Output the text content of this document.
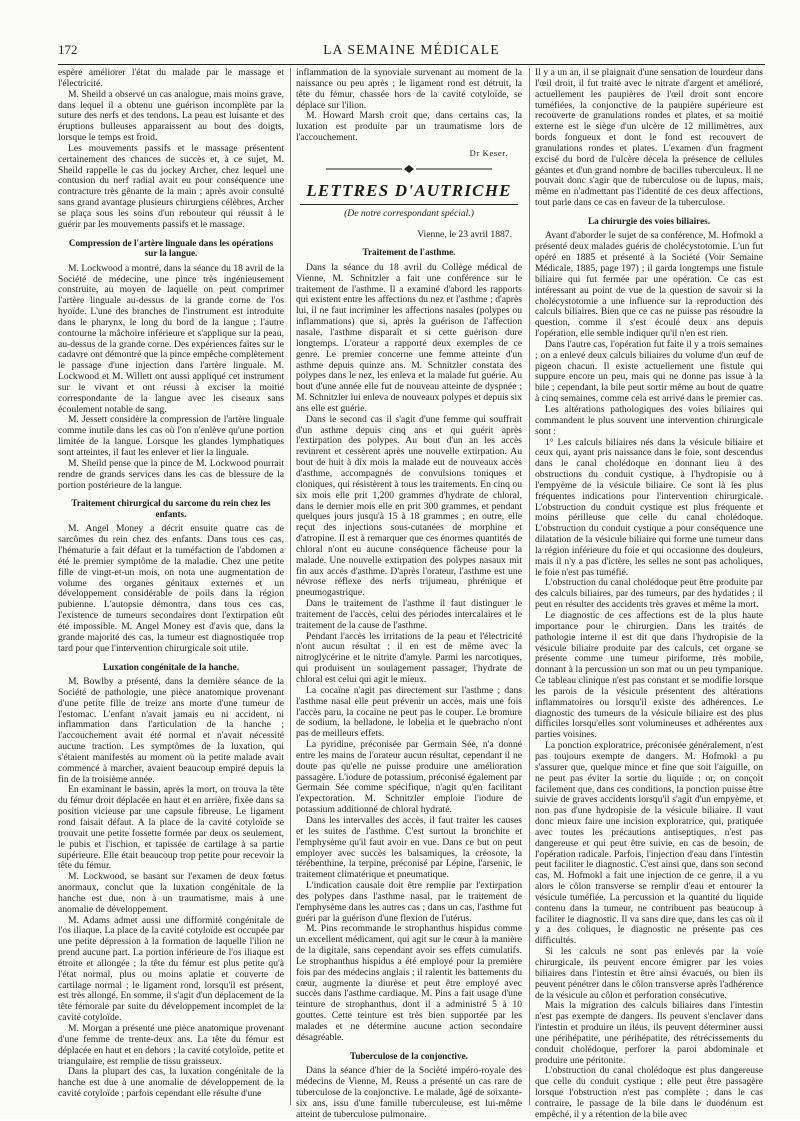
172	LA SEMAINE MÉDICALE

espère améliorer l'état du malade par le massage et l'électricité.

M. Sheild a observé un cas analogue, mais moins grave, dans lequel il a obtenu une guérison incomplète par la suture des nerfs et des tendons. La peau est luisante et des éruptions bulleuses apparaissent au bout des doigts, lorsque le temps est froid.

Les mouvements passifs et le massage présentent certainement des chances de succès et, à ce sujet, M. Sheild rappelle le cas du jockey Archer, chez lequel une contusion du nerf radial avait eu pour conséquence une contracture très gênante de la main ; après avoir consulté sans grand avantage plusieurs chirurgiens célèbres, Archer se plaça sous les soins d'un rebouteur qui réussit à le guérir par les mouvements passifs et le massage.

Compression de l'artère linguale dans les opérations sur la langue.

M. Lockwood a montré, dans la séance du 18 avril de la Société de médecine, une pince très ingénieusement construite, au moyen de laquelle on peut comprimer l'artère linguale au-dessus de la grande corne de l'os hyoïde. L'une des branches de l'instrument est introduite dans le pharynx, le long du bord de la langue ; l'autre contourne la mâchoire inférieure et s'applique sur la peau, au-dessus de la grande corne. Des expériences faites sur le cadavre ont démontré que la pince empêche complètement le passage d'une injection dans l'artère linguale. M. Lockwood et M. Willett ont aussi appliqué cet instrument sur le vivant et ont réussi à exciser la moitié correspondante de la langue avec les ciseaux sans écoulement notable de sang.

M. Jessett considère la compression de l'artère linguale comme inutile dans les cas où l'on n'enlève qu'une portion limitée de la langue. Lorsque les glandes lymphatiques sont atteintes, il faut les enlever et lier la linguale.

M. Sheild pense que la pince de M. Lockwood pourrait rendre de grands services dans les cas de blessure de la portion postérieure de la langue.

Traitement chirurgical du sarcome du rein chez les enfants.

M. Angel Money a décrit ensuite quatre cas de sarcômes du rein chez des enfants. Dans tous ces cas, l'hématurie a fait défaut et la tuméfaction de l'abdomen a été le premier symptôme de la maladie. Chez une petite fille de vingt-et-un mois, on nota une augmentation de volume des organes génitaux externes et un développement considérable de poils dans la région pubienne. L'autopsie démontra, dans tous ces cas, l'existence de tumeurs secondaires dont l'extirpation eût été impossible. M. Angel Money est d'avis que, dans la grande majorité des cas, la tumeur est diagnostiquée trop tard pour que l'intervention chirurgicale soit utile.

Luxation congénitale de la hanche.

M. Bowlby a présenté, dans la dernière séance de la Société de pathologie, une pièce anatomique provenant d'une petite fille de treize ans morte d'une tumeur de l'estomac. L'enfant n'avait jamais eu ni accident, ni inflammation dans l'articulation de la hanche ; l'accouchement avait été normal et n'avait nécessité aucune traction. Les symptômes de la luxation, qui s'étaient manifestés au moment où la petite malade avait commencé à marcher, avaient beaucoup empiré depuis la fin de la troisième année.

En examinant le bassin, après la mort, on trouva la tête du fémur droit déplacée en haut et en arrière, fixée dans sa position vicieuse par une capsule fibreuse. Le ligament rond faisait défaut. A la place de la cavité cotyloïde se trouvait une petite fossette formée par deux os seulement, le pubis et l'ischion, et tapissée de cartilage à sa partie supérieure. Elle était beaucoup trop petite pour recevoir la tête du fémur.

M. Lockwood, se basant sur l'examen de deux fœtus anormaux, conclut que la luxation congénitale de la hanche est due, non à un traumatisme, mais à une anomalie de développement.

M. Adams admet aussi une difformité congénitale de l'os iliaque. La place de la cavité cotyloïde est occupée par une petite dépression à la formation de laquelle l'ilion ne prend aucune part. La portion inférieure de l'os iliaque est étroite et allongée ; la tête du fémur est plus petite qu'à l'état normal, plus ou moins aplatie et couverte de cartilage normal ; le ligament rond, lorsqu'il est présent, est très allongé. En somme, il s'agit d'un déplacement de la tête fémorale par suite du développement incomplet de la cavité cotyloïde.

M. Morgan a présenté une pièce anatomique provenant d'une femme de trente-deux ans. La tête du fémur est déplacée en haut et en dehors ; la cavité cotyloïde, petite et triangulaire, est remplie de tissu graisseux.

Dans la plupart des cas, la luxation congénitale de la hanche est due à une anomalie de développement de la cavité cotyloïde ; parfois cependant elle résulte d'une

inflammation de la synoviale survenant au moment de la naissance ou peu après ; le ligament rond est détruit, la tête du fémur, chassée hors de la cavité cotyloïde, se déplace sur l'ilion.

M. Howard Marsh croit que, dans certains cas, la luxation est produite par un traumatisme lors de l'accouchement.

Dr Keser.
LETTRES D'AUTRICHE
(De notre correspondant spécial.)
Vienne, le 23 avril 1887.
Traitement de l'asthme.

Dans la séance du 18 avril du Collège médical de Vienne, M. Schnitzler a fait une conférence sur le traitement de l'asthme. Il a examiné d'abord les rapports qui existent entre les affections du nez et l'asthme ; d'après lui, il ne faut incriminer les affections nasales (polypes ou inflammations) que si, après la guérison de l'affection nasale, l'asthme disparaît et si cette guérison dure longtemps. L'orateur a rapporté deux exemples de ce genre. Le premier concerne une femme atteinte d'un asthme depuis quinze ans. M. Schnitzler constata des polypes dans le nez, les enleva et la malade fut guérie. Au bout d'une année elle fut de nouveau atteinte de dyspnée ; M. Schnitzler lui enleva de nouveaux polypes et depuis six ans elle est guérie.

Dans le second cas il s'agit d'une femme qui souffrait d'un asthme depuis cinq ans et qui guérit après l'extirpation des polypes. Au bout d'un an les accès revinrent et cessèrent après une nouvelle extirpation. Au bout de huit à dix mois la malade eut de nouveaux accès d'asthme, accompagnés de convulsions toniques et cloniques, qui résistèrent à tous les traitements. En cinq ou six mois elle prit 1,200 grammes d'hydrate de chloral, dans le dernier mois elle en prit 300 grammes, et pendant quelques jours jusqu'à 15 à 18 grammes ; en outre, elle reçut des injections sous-cutanées de morphine et d'atropine. Il est à remarquer que ces énormes quantités de chloral n'ont eu aucune conséquence fâcheuse pour la malade. Une nouvelle extirpation des polypes nasaux mit fin aux accès d'asthme. D'après l'orateur, l'asthme est une névrose réflexe des nerfs trijumeau, phrénique et pneumogastrique.

Dans le traitement de l'asthme il faut distinguer le traitement de l'accès, celui des périodes intercalaires et le traitement de la cause de l'asthme.

Pendant l'accès les irritations de la peau et l'électricité n'ont aucun résultat ; il en est de même avec la nitroglycérine et le nitrite d'amyle. Parmi les narcotiques, qui produisent un soulagement passager, l'hydrate de chloral est celui qui agit le mieux.

La cocaïne n'agit pas directement sur l'asthme ; dans l'asthme nasal elle peut prévenir un accès, mais une fois l'accès paru, la cocaïne ne peut pas le couper. Le bromure de sodium, la belladone, le lobelia et le quebracho n'ont pas de meilleurs effets.

La pyridine, préconisée par Germain Sée, n'a donné entre les mains de l'orateur aucun résultat, cependant il ne doute pas qu'elle ne puisse produire une amélioration passagère. L'iodure de potassium, préconisé également par Germain Sée comme spécifique, n'agit qu'en facilitant l'expectoration. M. Schnitzler emploie l'iodure de potassium additionné de chloral hydraté.

Dans les intervalles des accès, il faut traiter les causes et les suites de l'asthme. C'est surtout la bronchite et l'emphysème qu'il faut avoir en vue. Dans ce but on peut employer avec succès les balsamiques, la créosote, la térébenthine, la terpine, préconisé par Lépine, l'arsenic, le traitement climatérique et pneumatique.

L'indication causale doit être remplie par l'extirpation des polypes dans l'asthme nasal, par le traitement de l'emphysème dans les autres cas ; dans un cas, l'asthme fut guéri par la guérison d'une flexion de l'utérus.

M. Pins recommande le strophanthus hispidus comme un excellent médicament, qui agit sur le cœur à la manière de la digitale, sans cependant avoir ses effets cumulatifs. Le strophanthus hispidus a été employé pour la première fois par des médecins anglais ; il ralentit les battements du cœur, augmente la diurèse et peut être employé avec succès dans l'asthme cardiaque. M. Pins a fait usage d'une teinture de strophanthus, dont il a administré 5 à 10 gouttes. Cette teinture est très bien supportée par les malades et ne détermine aucune action secondaire désagréable.

Tuberculose de la conjonctive.

Dans la séance d'hier de la Société impéro-royale des médecins de Vienne, M. Reuss a présenté un cas rare de tuberculose de la conjonctive. Le malade, âgé de soixante-six ans, issu d'une famille tuberculeuse, est lui-même atteint de tuberculose pulmonaire.

Il y a un an, il se plaignait d'une sensation de lourdeur dans l'œil droit, il fut traité avec le nitrate d'argent et amélioré, actuellement les paupières de l'œil droit sont encore tuméfiées, la conjonctive de la paupière supérieure est recouverte de granulations rondes et plates, et sa moitié externe est le siège d'un ulcère de 12 millimètres, aux bords fongueux et dont le fond est recouvert de granulations rondes et plates. L'examen d'un fragment excisé du bord de l'ulcère décela la présence de cellules géantes et d'un grand nombre de bacilles tuberculeux. Il ne pouvait donc s'agir que de tuberculose ou de lupus, mais, même en n'admettant pas l'identité de ces deux affections, tout parle dans ce cas en faveur de la tuberculose.

La chirurgie des voies biliaires.

Avant d'aborder le sujet de sa conférence, M. Hofmokl a présenté deux malades guéris de cholécystotomie. L'un fut opéré en 1885 et présenté à la Société (Voir Semaine Médicale, 1885, page 197) ; il garda longtemps une fistule biliaire qui fut fermée par une opération. Ce cas est intéressant au point de vue de la question de savoir si la cholécystotomie a une influence sur la reproduction des calculs biliaires. Bien que ce cas ne puisse pas résoudre la question, comme il s'est écoulé deux ans depuis l'opération, elle semble indiquer qu'il n'en est rien.

Dans l'autre cas, l'opération fut faite il y a trois semaines ; on a enlevé deux calculs biliaires du volume d'un œuf de pigeon chacun. Il existe actuellement une fistule qui suppure encore un peu, mais qui ne donne pas issue à la bile ; cependant, la bile peut sortir même au bout de quatre à cinq semaines, comme cela est arrivé dans le premier cas.

Les altérations pathologiques des voies biliaires qui commandent le plus souvent une intervention chirurgicale sont :

1° Les calculs biliaires nés dans la vésicule biliaire et ceux qui, ayant pris naissance dans le foie, sont descendus dans le canal cholédoque en donnant lieu à des obstructions du conduit cystique, à l'hydropisie ou à l'empyème de la vésicule biliaire. Ce sont là les plus fréquentes indications pour l'intervention chirurgicale. L'obstruction du conduit cystique est plus fréquente et moins périlleuse que celle du canal cholédoque. L'obstruction du conduit cystique a pour conséquence une dilatation de la vésicule biliaire qui forme une tumeur dans la région inférieure du foie et qui occasionne des douleurs, mais il n'y a pas d'ictère, les selles ne sont pas acholiques, le foie n'est pas tuméfié.

L'obstruction du canal cholédoque peut être produite par des calculs biliaires, par des tumeurs, par des hydatides ; il peut en résulter des accidents très graves et même la mort.

Le diagnostic de ces affections est de la plus haute importance pour le chirurgien. Dans les traités de pathologie interne il est dit que dans l'hydropisie de la vésicule biliaire produite par des calculs, cet organe se présente comme une tumeur piriforme, très mobile, donnant à la percussion un son mat ou un peu tympanique. Ce tableau clinique n'est pas constant et se modifie lorsque les parois de la vésicule présentent des altérations inflammatoires ou lorsqu'il existe des adhérences. Le diagnostic des tumeurs de la vésicule biliaire est des plus difficiles lorsqu'elles sont volumineuses et adhérentes aux parties voisines.

La ponction exploratrice, préconisée généralement, n'est pas toujours exempte de dangers. M. Hofmokl a pu s'assurer que, quelque mince et fine que soit l'aiguille, on ne peut pas éviter la sortie du liquide ; or, on conçoit facilement que, dans ces conditions, la ponction puisse être suivie de graves accidents lorsqu'il s'agit d'un empyème, et non pas d'une hydropisie de la vésicule biliaire. Il vaut donc mieux faire une incision exploratrice, qui, pratiquée avec toutes les précautions antiseptiques, n'est pas dangereuse et qui peut être suivie, en cas de besoin, de l'opération radicale. Parfois, l'injection d'eau dans l'intestin peut faciliter le diagnostic. C'est ainsi que, dans son second cas, M. Hofmokl a fait une injection de ce genre, il a vu alors le côlon transverse se remplir d'eau et entourer la vésicule tuméfiée. La percussion et la quantité du liquide contenu dans la tumeur, ne contribuent pas beaucoup à faciliter le diagnostic. Il va sans dire que, dans les cas où il y a des coliques, le diagnostic ne présente pas ces difficultés.

Si les calculs ne sont pas enlevés par la voie chirurgicale, ils peuvent encore émigrer par les voies biliaires dans l'intestin et être ainsi évacués, ou bien ils peuvent pénétrer dans le côlon transverse après l'adhérence de la vésicule au côlon et perforation consécutive.

Mais la migration des calculs biliaires dans l'intestin n'est pas exempte de dangers. Ils peuvent s'enclaver dans l'intestin et produire un iléus, ils peuvent déterminer aussi une périhépatite, une périhépatite, des rétrécissements du conduit cholédoque, perforer la paroi abdominale et produire une péritonite.

L'obstruction du canal cholédoque est plus dangereuse que celle du conduit cystique ; elle peut être passagère lorsque l'obstruction n'est pas complète ; dans le cas contraire, le passage de la bile dans le duodénum est empêché, il y a rétention de la bile avec
